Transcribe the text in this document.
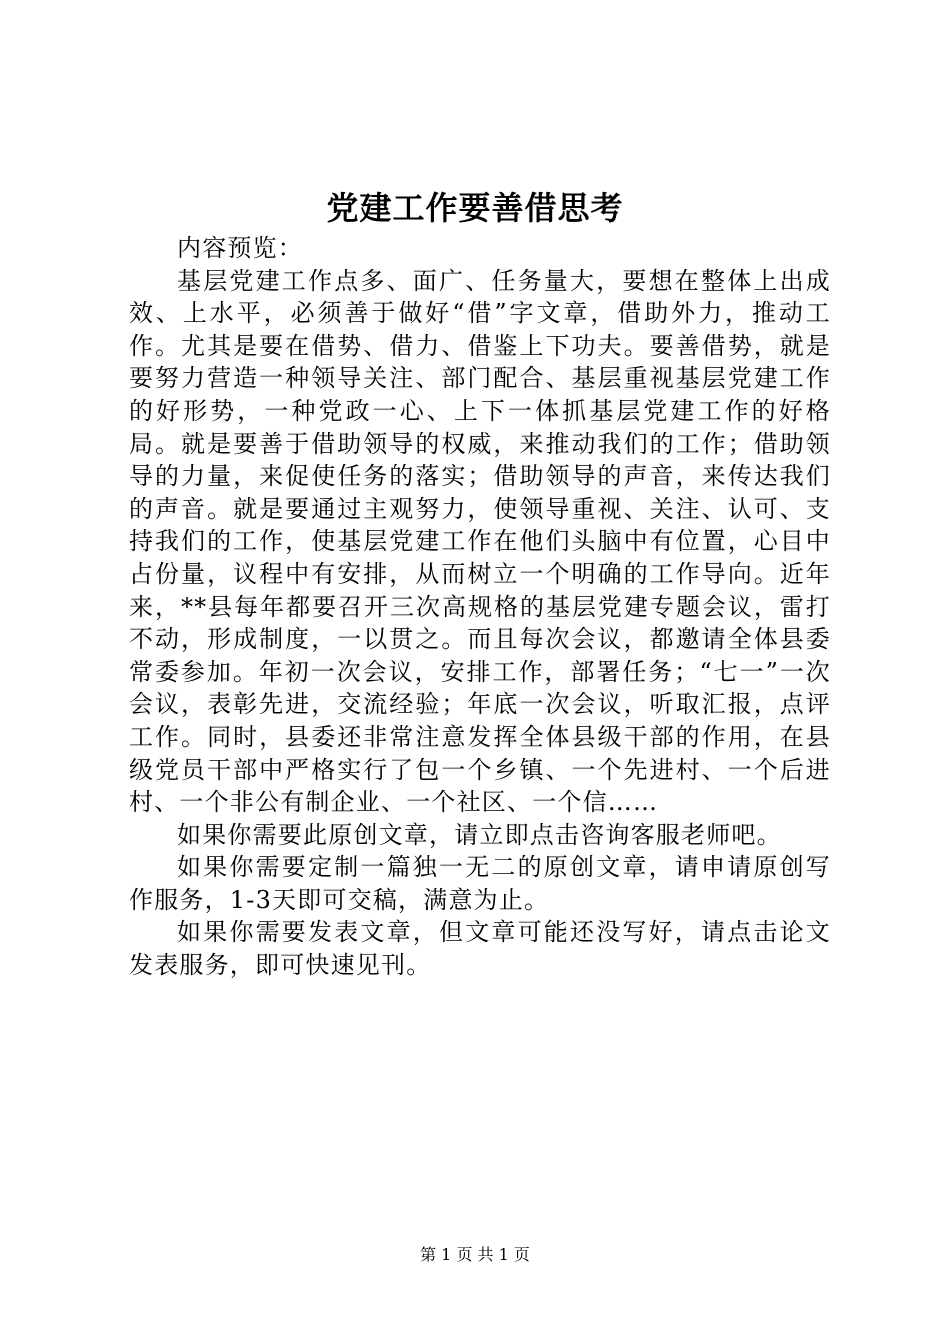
党建工作要善借思考

内容预览：

基层党建工作点多、面广、任务量大，要想在整体上出成效、上水平，必须善于做好“借”字文章，借助外力，推动工作。尤其是要在借势、借力、借鉴上下功夫。要善借势，就是要努力营造一种领导关注、部门配合、基层重视基层党建工作的好形势，一种党政一心、上下一体抓基层党建工作的好格局。就是要善于借助领导的权威，来推动我们的工作；借助领导的力量，来促使任务的落实；借助领导的声音，来传达我们的声音。就是要通过主观努力，使领导重视、关注、认可、支持我们的工作，使基层党建工作在他们头脑中有位置，心目中占份量，议程中有安排，从而树立一个明确的工作导向。近年来，**县每年都要召开三次高规格的基层党建专题会议，雷打不动，形成制度，一以贯之。而且每次会议，都邀请全体县委常委参加。年初一次会议，安排工作，部署任务；“七一”一次会议，表彰先进，交流经验；年底一次会议，听取汇报，点评工作。同时，县委还非常注意发挥全体县级干部的作用，在县级党员干部中严格实行了包一个乡镇、一个先进村、一个后进村、一个非公有制企业、一个社区、一个信……

如果你需要此原创文章，请立即点击咨询客服老师吧。

如果你需要定制一篇独一无二的原创文章，请申请原创写作服务，1-3天即可交稿，满意为止。

如果你需要发表文章，但文章可能还没写好，请点击论文发表服务，即可快速见刊。

第 1 页 共 1 页
